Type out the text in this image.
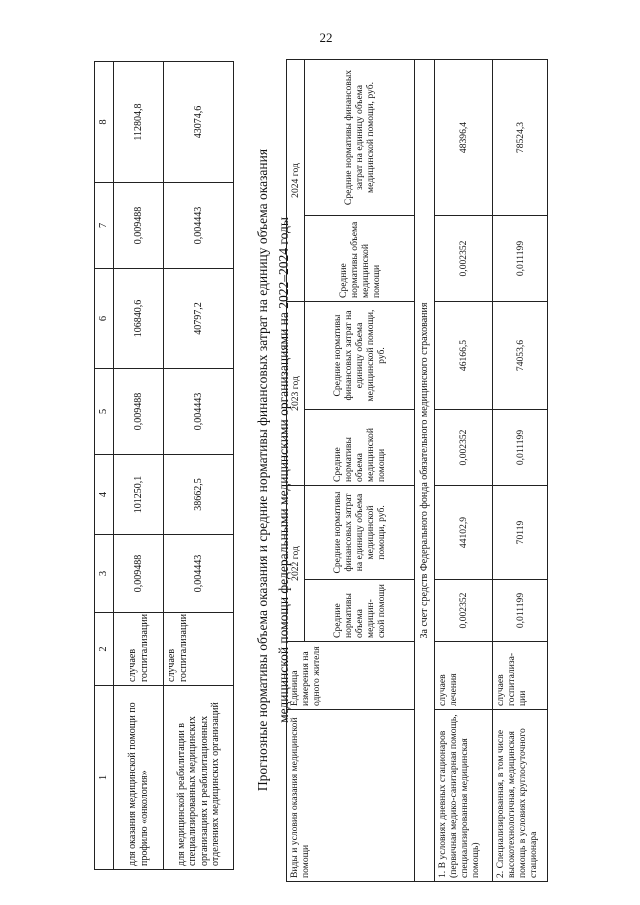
22
1	2	3	4	5	6	7	8
для оказания медицинской помощи по профилю «онкология»	случаев госпитализации	0,009488	101250,1	0,009488	106840,6	0,009488	112804,8
для медицинской реабилитации в специализированных медицинских организациях и реабилитационных отделениях медицинских организаций	случаев госпитализации	0,004443	38662,5	0,004443	40797,2	0,004443	43074,6
Прогнозные нормативы объема оказания и средние нормативы финансовых затрат на единицу объема оказания медицинской помощи федеральными медицинскими организациями на 2022–2024 годы
Виды и условия оказания медицинской помощи	Единица измерения на одного жителя	2022 год		2023 год		2024 год	
		Средние нормативы объема медицин-ской помощи	Средние нормативы финансовых затрат на единицу объема медицинской помощи, руб.	Средние нормативы объема медицинской помощи	Средние нормативы финансовых затрат на единицу объема медицинской помощи, руб.	Средние нормативы объема медицинской помощи	Средние нормативы финансовых затрат на единицу объема медицинской помощи, руб.
За счет средств Федерального фонда обязательного медицинского страхования							
1. В условиях дневных стационаров (первичная медико-санитарная помощь, специализированная медицинская помощь)	случаев лечения	0,002352	44102,9	0,002352	46166,5	0,002352	48396,4
2. Специализированная, в том числе высокотехнологичная, медицинская помощь в условиях круглосуточного стационара	случаев госпитализа-ции	0,011199	70119	0,011199	74053,6	0,011199	78524,3
